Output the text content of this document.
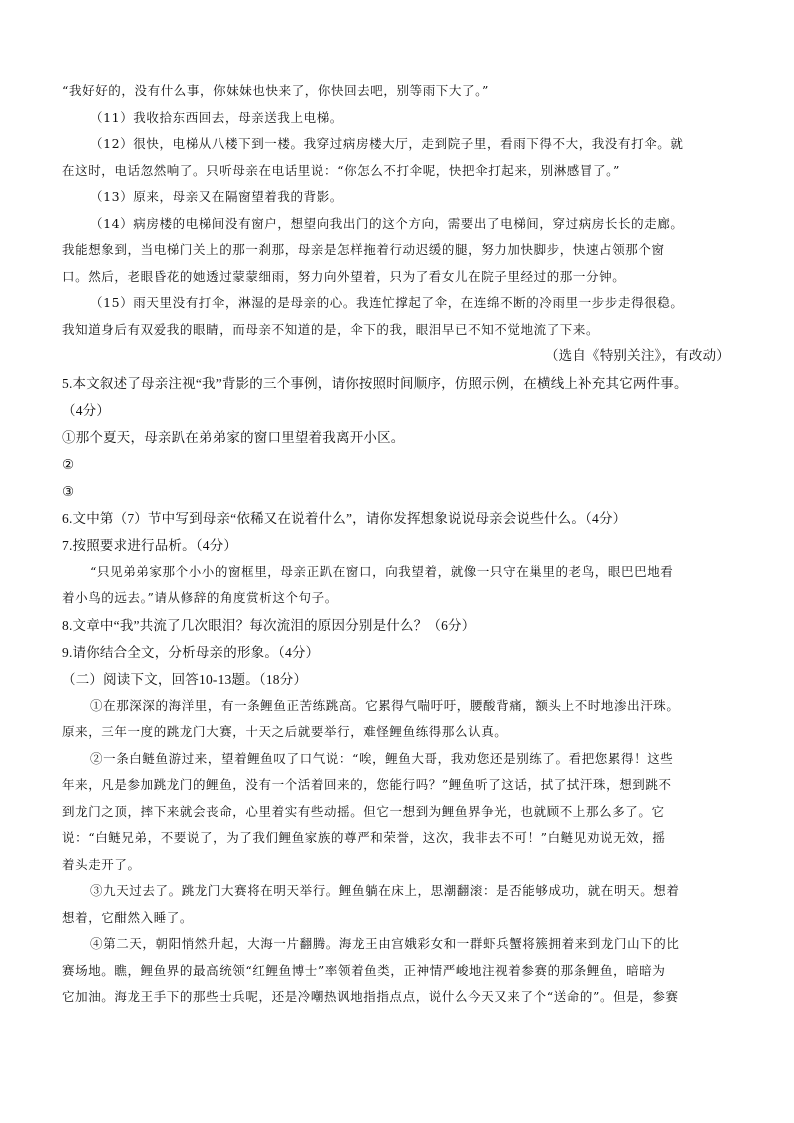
“我好好的，没有什么事，你妹妹也快来了，你快回去吧，别等雨下大了。”

（11）我收拾东西回去，母亲送我上电梯。

（12）很快，电梯从八楼下到一楼。我穿过病房楼大厅，走到院子里，看雨下得不大，我没有打伞。就

在这时，电话忽然响了。只听母亲在电话里说：“你怎么不打伞呢，快把伞打起来，别淋感冒了。”

（13）原来，母亲又在隔窗望着我的背影。

（14）病房楼的电梯间没有窗户，想望向我出门的这个方向，需要出了电梯间，穿过病房长长的走廊。

我能想象到，当电梯门关上的那一刹那，母亲是怎样拖着行动迟缓的腿，努力加快脚步，快速占领那个窗

口。然后，老眼昏花的她透过蒙蒙细雨，努力向外望着，只为了看女儿在院子里经过的那一分钟。

（15）雨天里没有打伞，淋湿的是母亲的心。我连忙撑起了伞，在连绵不断的冷雨里一步步走得很稳。

我知道身后有双爱我的眼睛，而母亲不知道的是，伞下的我，眼泪早已不知不觉地流了下来。

（选自《特别关注》，有改动）

5.本文叙述了母亲注视“我”背影的三个事例，请你按照时间顺序，仿照示例，在横线上补充其它两件事。

（4分）

①那个夏天，母亲趴在弟弟家的窗口里望着我离开小区。

②

③

6.文中第（7）节中写到母亲“依稀又在说着什么”，请你发挥想象说说母亲会说些什么。（4分）

7.按照要求进行品析。（4分）

“只见弟弟家那个小小的窗框里，母亲正趴在窗口，向我望着，就像一只守在巢里的老鸟，眼巴巴地看

着小鸟的远去。”请从修辞的角度赏析这个句子。

8.文章中“我”共流了几次眼泪？每次流泪的原因分别是什么？（6分）

9.请你结合全文，分析母亲的形象。（4分）

（二）阅读下文，回答10-13题。（18分）

①在那深深的海洋里，有一条鲤鱼正苦练跳高。它累得气喘吁吁，腰酸背痛，额头上不时地渗出汗珠。

原来，三年一度的跳龙门大赛，十天之后就要举行，难怪鲤鱼练得那么认真。

②一条白鲢鱼游过来，望着鲤鱼叹了口气说：“唉，鲤鱼大哥，我劝您还是别练了。看把您累得！这些

年来，凡是参加跳龙门的鲤鱼，没有一个活着回来的，您能行吗？”鲤鱼听了这话，拭了拭汗珠，想到跳不

到龙门之顶，摔下来就会丧命，心里着实有些动摇。但它一想到为鲤鱼界争光，也就顾不上那么多了。它

说：“白鲢兄弟，不要说了，为了我们鲤鱼家族的尊严和荣誉，这次，我非去不可！”白鲢见劝说无效，摇

着头走开了。

③九天过去了。跳龙门大赛将在明天举行。鲤鱼躺在床上，思潮翻滚：是否能够成功，就在明天。想着

想着，它酣然入睡了。

④第二天，朝阳悄然升起，大海一片翻腾。海龙王由宫娥彩女和一群虾兵蟹将簇拥着来到龙门山下的比

赛场地。瞧，鲤鱼界的最高统领“红鲤鱼博士”率领着鱼类，正神情严峻地注视着参赛的那条鲤鱼，暗暗为

它加油。海龙王手下的那些士兵呢，还是冷嘲热讽地指指点点，说什么今天又来了个“送命的”。但是，参赛
